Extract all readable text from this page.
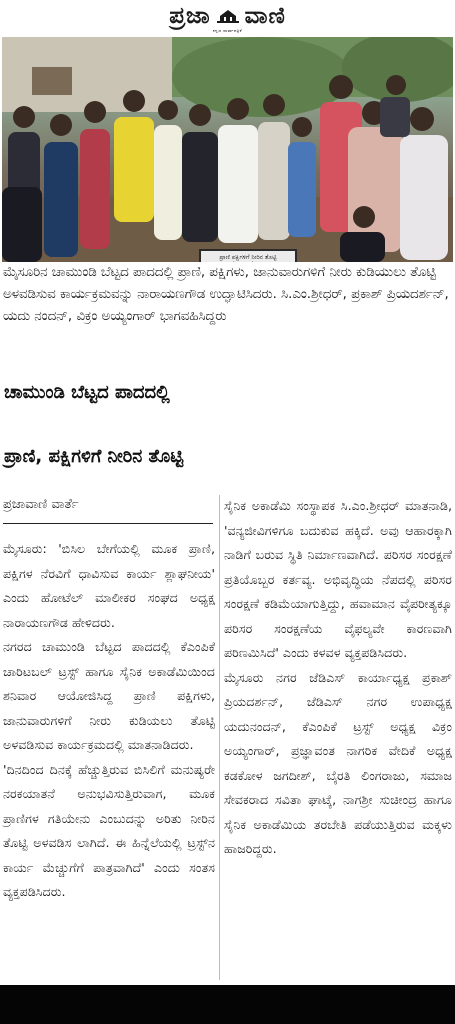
ಪ್ರಜಾ ವಾಣಿ
ಕನ್ನಡ ವಾರ್ತಾಪತ್ರಿಕೆ
ಪ್ರಾಣಿ ಪಕ್ಷಿಗಳಿಗೆ ನೀರಿನ ತೊಟ್ಟಿ
ಮೈಸೂರಿನ ಚಾಮುಂಡಿ ಬೆಟ್ಟದ ಪಾದದಲ್ಲಿ ಪ್ರಾಣಿ, ಪಕ್ಷಿಗಳು, ಜಾನುವಾರುಗಳಿಗೆ ನೀರು ಕುಡಿಯುಲು ತೊಟ್ಟಿ ಅಳವಡಿಸುವ ಕಾರ್ಯಕ್ರಮವನ್ನು ನಾರಾಯಣಗೌಡ ಉದ್ಘಾಟಿಸಿದರು. ಸಿ.ಎಂ.ಶ್ರೀಧರ್, ಪ್ರಕಾಶ್ ಪ್ರಿಯದರ್ಶನ್, ಯದು ನಂದನ್, ವಿಕ್ರಂ ಅಯ್ಯಂಗಾರ್ ಭಾಗವಹಿಸಿದ್ದರು
ಚಾಮುಂಡಿ ಬೆಟ್ಟದ ಪಾದದಲ್ಲಿ
ಪ್ರಾಣಿ, ಪಕ್ಷಿಗಳಿಗೆ ನೀರಿನ ತೊಟ್ಟಿ
ಪ್ರಜಾವಾಣಿ ವಾರ್ತೆ

ಮೈಸೂರು: 'ಬಿಸಿಲ ಬೇಗೆಯಲ್ಲಿ ಮೂಕ ಪ್ರಾಣಿ, ಪಕ್ಷಿಗಳ ನೆರವಿಗೆ ಧಾವಿಸುವ ಕಾರ್ಯ ಶ್ಲಾಘನೀಯ' ಎಂದು ಹೋಟೆಲ್ ಮಾಲೀಕರ ಸಂಘದ ಅಧ್ಯಕ್ಷ ನಾರಾಯಣಗೌಡ ಹೇಳಿದರು.

ನಗರದ ಚಾಮುಂಡಿ ಬೆಟ್ಟದ ಪಾದದಲ್ಲಿ ಕೆಎಂಪಿಕೆ ಚಾರಿಟಬಲ್ ಟ್ರಸ್ಟ್ ಹಾಗೂ ಸೈನಿಕ ಅಕಾಡೆಮಿಯಿಂದ ಶನಿವಾರ ಆಯೋಜಿಸಿದ್ದ ಪ್ರಾಣಿ ಪಕ್ಷಿಗಳು, ಜಾನುವಾರುಗಳಿಗೆ ನೀರು ಕುಡಿಯಲು ತೊಟ್ಟಿ ಅಳವಡಿಸುವ ಕಾರ್ಯಕ್ರಮದಲ್ಲಿ ಮಾತನಾಡಿದರು.

'ದಿನದಿಂದ ದಿನಕ್ಕೆ ಹೆಚ್ಚುತ್ತಿರುವ ಬಿಸಿಲಿಗೆ ಮನುಷ್ಯರೇ ನರಕಯಾತನೆ ಅನುಭವಿಸುತ್ತಿರುವಾಗ, ಮೂಕ ಪ್ರಾಣಿಗಳ ಗತಿಯೇನು ಎಂಬುದನ್ನು ಅರಿತು ನೀರಿನ ತೊಟ್ಟಿ ಅಳವಡಿಸ ಲಾಗಿದೆ. ಈ ಹಿನ್ನೆಲೆಯಲ್ಲಿ ಟ್ರಸ್ಟ್‌ನ ಕಾರ್ಯ ಮೆಚ್ಚುಗೆಗೆ ಪಾತ್ರವಾಗಿದೆ' ಎಂದು ಸಂತಸ ವ್ಯಕ್ತಪಡಿಸಿದರು.

ಸೈನಿಕ ಅಕಾಡೆಮಿ ಸಂಸ್ಥಾಪಕ ಸಿ.ಎಂ.ಶ್ರೀಧರ್ ಮಾತನಾಡಿ, 'ವನ್ಯಜೀವಿಗಳಿಗೂ ಬದುಕುವ ಹಕ್ಕಿದೆ. ಅವು ಆಹಾರಕ್ಕಾಗಿ ನಾಡಿಗೆ ಬರುವ ಸ್ಥಿತಿ ನಿರ್ಮಾಣವಾಗಿದೆ. ಪರಿಸರ ಸಂರಕ್ಷಣೆ ಪ್ರತಿಯೊಬ್ಬರ ಕರ್ತವ್ಯ. ಅಭಿವೃದ್ಧಿಯ ನೆಪದಲ್ಲಿ ಪರಿಸರ ಸಂರಕ್ಷಣೆ ಕಡಿಮೆಯಾಗುತ್ತಿದ್ದು, ಹವಾಮಾನ ವೈಪರೀತ್ಯಕ್ಕೂ ಪರಿಸರ ಸಂರಕ್ಷಣೆಯ ವೈಫಲ್ಯವೇ ಕಾರಣವಾಗಿ ಪರಿಣಮಿಸಿದೆ' ಎಂದು ಕಳವಳ ವ್ಯಕ್ತಪಡಿಸಿದರು.

ಮೈಸೂರು ನಗರ ಜೆಡಿಎಸ್ ಕಾರ್ಯಾಧ್ಯಕ್ಷ ಪ್ರಕಾಶ್ ಪ್ರಿಯದರ್ಶನ್, ಜೆಡಿಎಸ್ ನಗರ ಉಪಾಧ್ಯಕ್ಷ ಯದುನಂದನ್, ಕೆಎಂಪಿಕೆ ಟ್ರಸ್ಟ್ ಅಧ್ಯಕ್ಷ ವಿಕ್ರಂ ಅಯ್ಯಂಗಾರ್, ಪ್ರಜ್ಞಾವಂತ ನಾಗರಿಕ ವೇದಿಕೆ ಅಧ್ಯಕ್ಷ ಕಡಕೋಳ ಜಗದೀಶ್, ಬೈರತಿ ಲಿಂಗರಾಜು, ಸಮಾಜ ಸೇವಕರಾದ ಸವಿತಾ ಘಾಟ್ಕೆ, ನಾಗಶ್ರೀ ಸುಚೀಂದ್ರ ಹಾಗೂ ಸೈನಿಕ ಅಕಾಡೆಮಿಯ ತರಬೇತಿ ಪಡೆಯುತ್ತಿರುವ ಮಕ್ಕಳು ಹಾಜರಿದ್ದರು.
